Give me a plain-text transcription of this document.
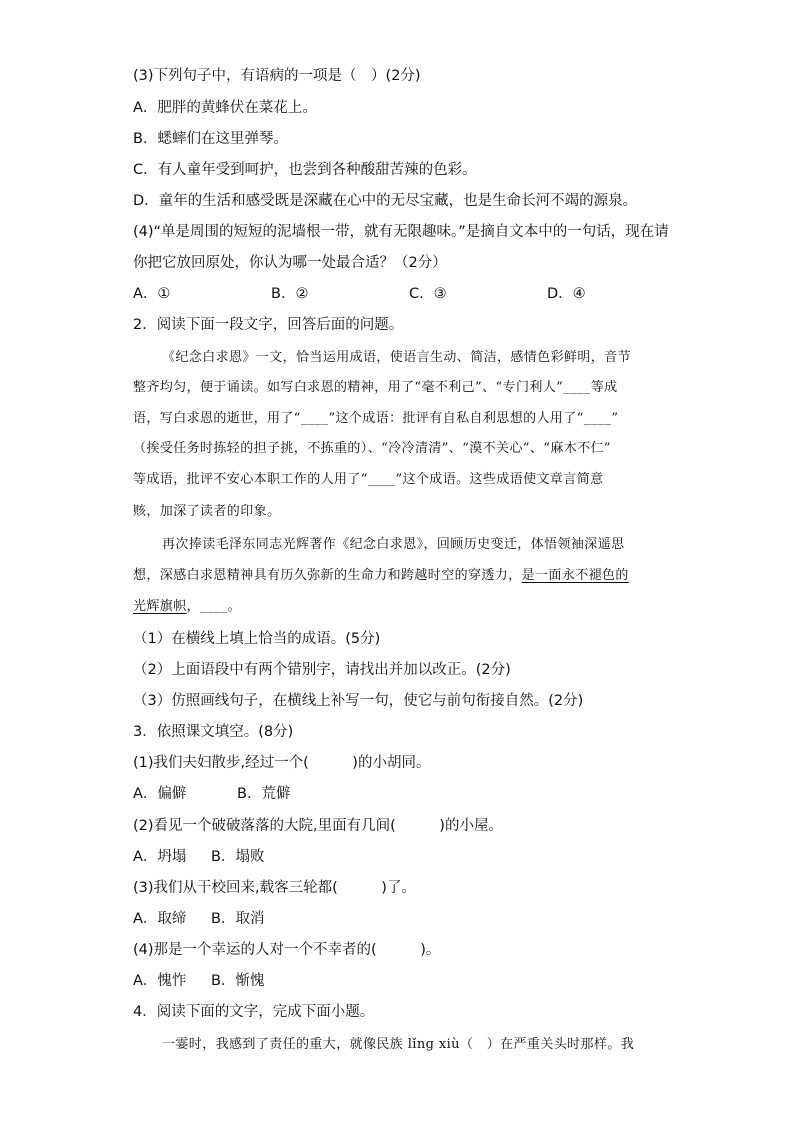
(3)下列句子中，有语病的一项是（　）(2分)
A．肥胖的黄蜂伏在菜花上。
B．蟋蟀们在这里弹琴。
C．有人童年受到呵护，也尝到各种酸甜苦辣的色彩。
D．童年的生活和感受既是深藏在心中的无尽宝藏，也是生命长河不竭的源泉。
(4)“单是周围的短短的泥墙根一带，就有无限趣味。”是摘自文本中的一句话，现在请
你把它放回原处，你认为哪一处最合适？（2分）
A．①	B．②	C．③	D．④
2．阅读下面一段文字，回答后面的问题。
《纪念白求恩》一文，恰当运用成语，使语言生动、简洁，感情色彩鲜明，音节
整齐均匀，便于诵读。如写白求恩的精神，用了“毫不利己”、“专门利人”____等成
语，写白求恩的逝世，用了“____”这个成语：批评有自私自利思想的人用了“____”
（挨受任务时拣轻的担子挑，不拣重的）、“冷冷清清”、“漠不关心”、“麻木不仁”
等成语，批评不安心本职工作的人用了“____”这个成语。这些成语使文章言简意
赅，加深了读者的印象。
再次捧读毛泽东同志光辉著作《纪念白求恩》，回顾历史变迁，体悟领袖深遥思
想，深感白求恩精神具有历久弥新的生命力和跨越时空的穿透力，是一面永不褪色的
光辉旗帜，____。
（1）在横线上填上恰当的成语。(5分)
（2）上面语段中有两个错别字，请找出并加以改正。(2分)
（3）仿照画线句子，在横线上补写一句，使它与前句衔接自然。(2分)
3．依照课文填空。(8分)
(1)我们夫妇散步,经过一个(　　　)的小胡同。
A．偏僻	B．荒僻
(2)看见一个破破落落的大院,里面有几间(　　　)的小屋。
A．坍塌 B．塌败
(3)我们从干校回来,载客三轮都(　　　)了。
A．取缔 B．取消
(4)那是一个幸运的人对一个不幸者的(　　　)。
A．愧怍 B．惭愧
4．阅读下面的文字，完成下面小题。
一霎时，我感到了责任的重大，就像民族 lǐng xiù（　）在严重关头时那样。我
